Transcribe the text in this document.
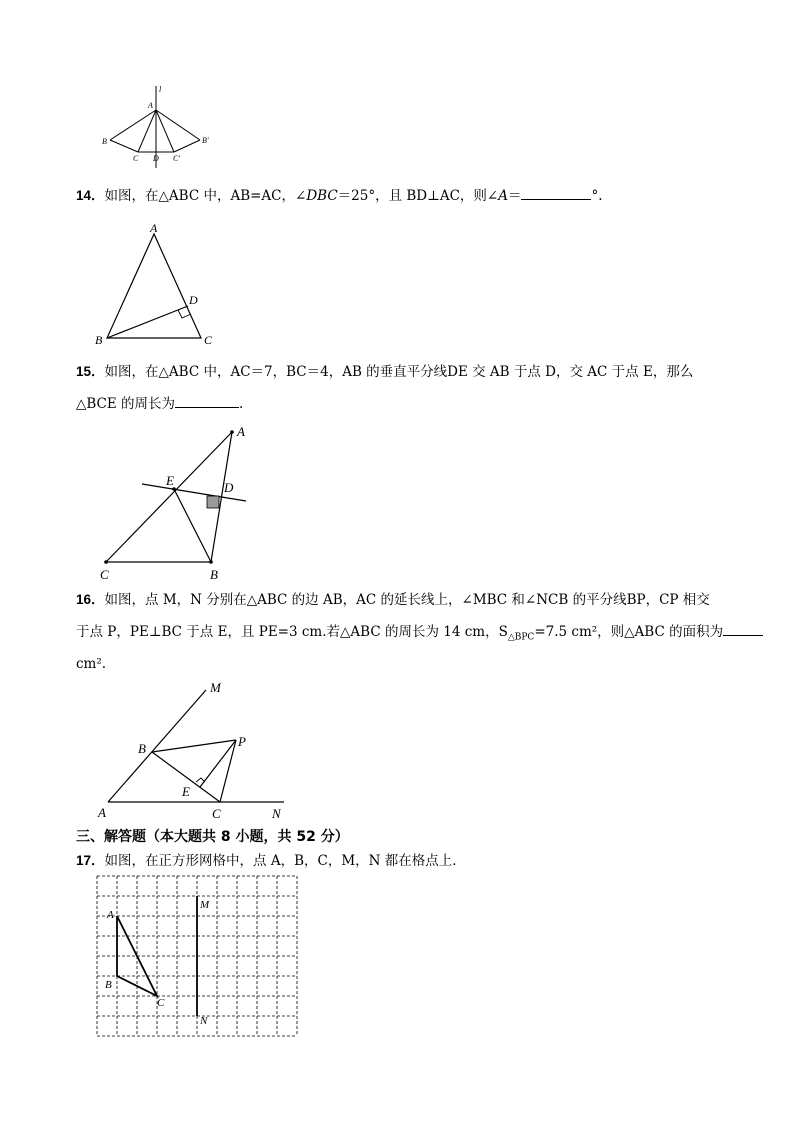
l
A
B
C D C′
B′
14．如图，在△ABC 中，AB=AC，∠DBC＝25°，且 BD⊥AC，则∠A＝	°.
A
B	C
D
15．如图，在△ABC 中，AC＝7，BC＝4，AB 的垂直平分线DE 交 AB 于点 D，交 AC 于点 E，那么
△BCE 的周长为	.
A
C	B
D
E
16．如图，点 M，N 分别在△ABC 的边 AB，AC 的延长线上，∠MBC 和∠NCB 的平分线BP，CP 相交
于点 P，PE⊥BC 于点 E，且 PE=3 cm.若△ABC 的周长为 14 cm，$S_{\triangle BPC}=7.5$ cm²，则△ABC 的面积为
cm².
M
B	P
E
A	C	N
三、解答题（本大题共 8 小题，共 52 分）
17．如图，在正方形网格中，点 A，B，C，M，N 都在格点上．
A
B
C
M
N
